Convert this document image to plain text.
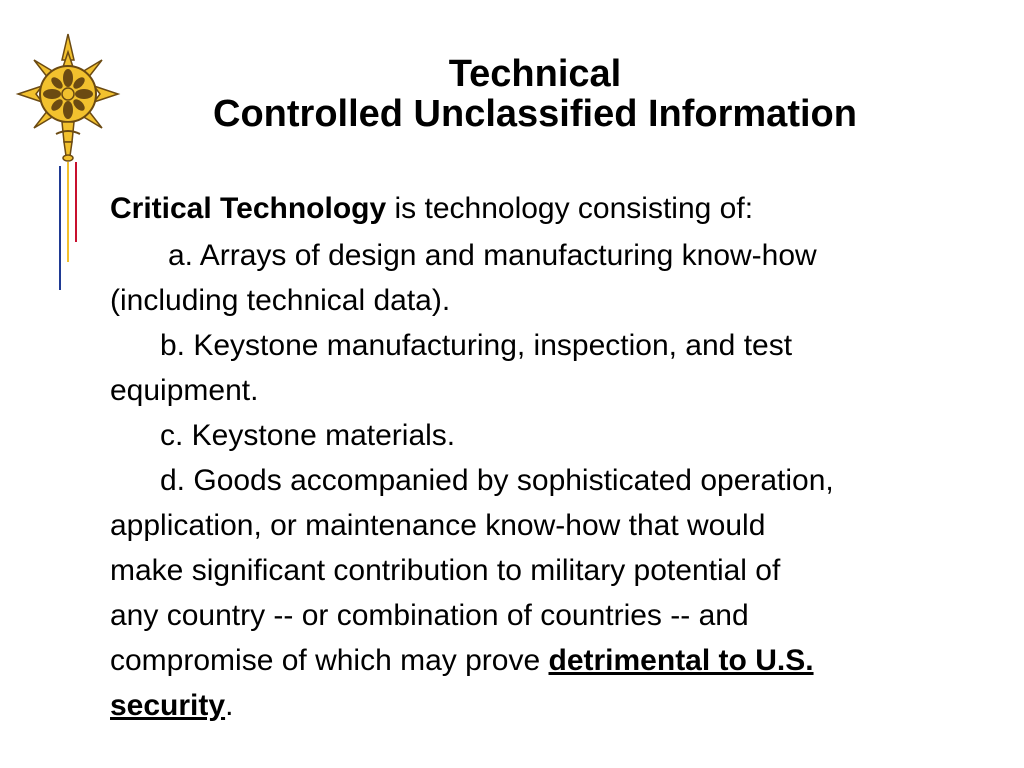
Technical
Controlled Unclassified Information

Critical Technology is technology consisting of:

a. Arrays of design and manufacturing know-how
(including technical data).

b. Keystone manufacturing, inspection, and test
equipment.

c. Keystone materials.

d. Goods accompanied by sophisticated operation,
application, or maintenance know-how that would
make significant contribution to military potential of
any country -- or combination of countries -- and
compromise of which may prove detrimental to U.S.
security.
